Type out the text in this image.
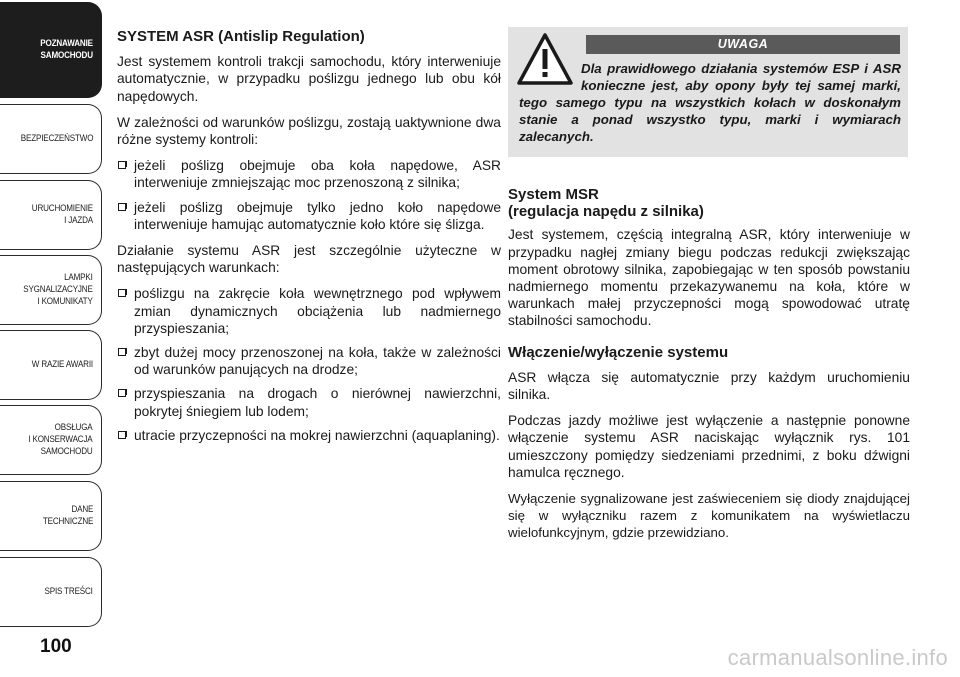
POZNAWANIE
SAMOCHODU
BEZPIECZEŃSTWO
URUCHOMIENIE
I JAZDA
LAMPKI
SYGNALIZACYJNE
I KOMUNIKATY
W RAZIE AWARII
OBSŁUGA
I KONSERWACJA
SAMOCHODU
DANE
TECHNICZNE
SPIS TREŚCI
100
SYSTEM ASR (Antislip Regulation)

Jest systemem kontroli trakcji samochodu, który interweniuje automatycznie, w przypadku poślizgu jednego lub obu kół napędowych.

W zależności od warunków poślizgu, zostają uaktywnione dwa różne systemy kontroli:

jeżeli poślizg obejmuje oba koła napędowe, ASR interweniuje zmniejszając moc przenoszoną z silnika;
jeżeli poślizg obejmuje tylko jedno koło napędowe interweniuje hamując automatycznie koło które się ślizga.

Działanie systemu ASR jest szczególnie użyteczne w następujących warunkach:

poślizgu na zakręcie koła wewnętrznego pod wpływem zmian dynamicznych obciążenia lub nadmiernego przyspieszania;
zbyt dużej mocy przenoszonej na koła, także w zależności od warunków panujących na drodze;
przyspieszania na drogach o nierównej nawierzchni, pokrytej śniegiem lub lodem;
utracie przyczepności na mokrej nawierzchni (aquaplaning).
UWAGA
Dla prawidłowego działania systemów ESP i ASR konieczne jest, aby opony były tej samej marki, tego samego typu na wszystkich kołach w doskonałym stanie a ponad wszystko typu, marki i wymiarach zalecanych.
System MSR
(regulacja napędu z silnika)

Jest systemem, częścią integralną ASR, który interweniuje w przypadku nagłej zmiany biegu podczas redukcji zwiększając moment obrotowy silnika, zapobiegając w ten sposób powstaniu nadmiernego momentu przekazywanemu na koła, które w warunkach małej przyczepności mogą spowodować utratę stabilności samochodu.

Włączenie/wyłączenie systemu

ASR włącza się automatycznie przy każdym uruchomieniu silnika.

Podczas jazdy możliwe jest wyłączenie a następnie ponowne włączenie systemu ASR naciskając wyłącznik rys. 101 umieszczony pomiędzy siedzeniami przednimi, z boku dźwigni hamulca ręcznego.

Wyłączenie sygnalizowane jest zaświeceniem się diody znajdującej się w wyłączniku razem z komunikatem na wyświetlaczu wielofunkcyjnym, gdzie przewidziano.

carmanualsonline.info
